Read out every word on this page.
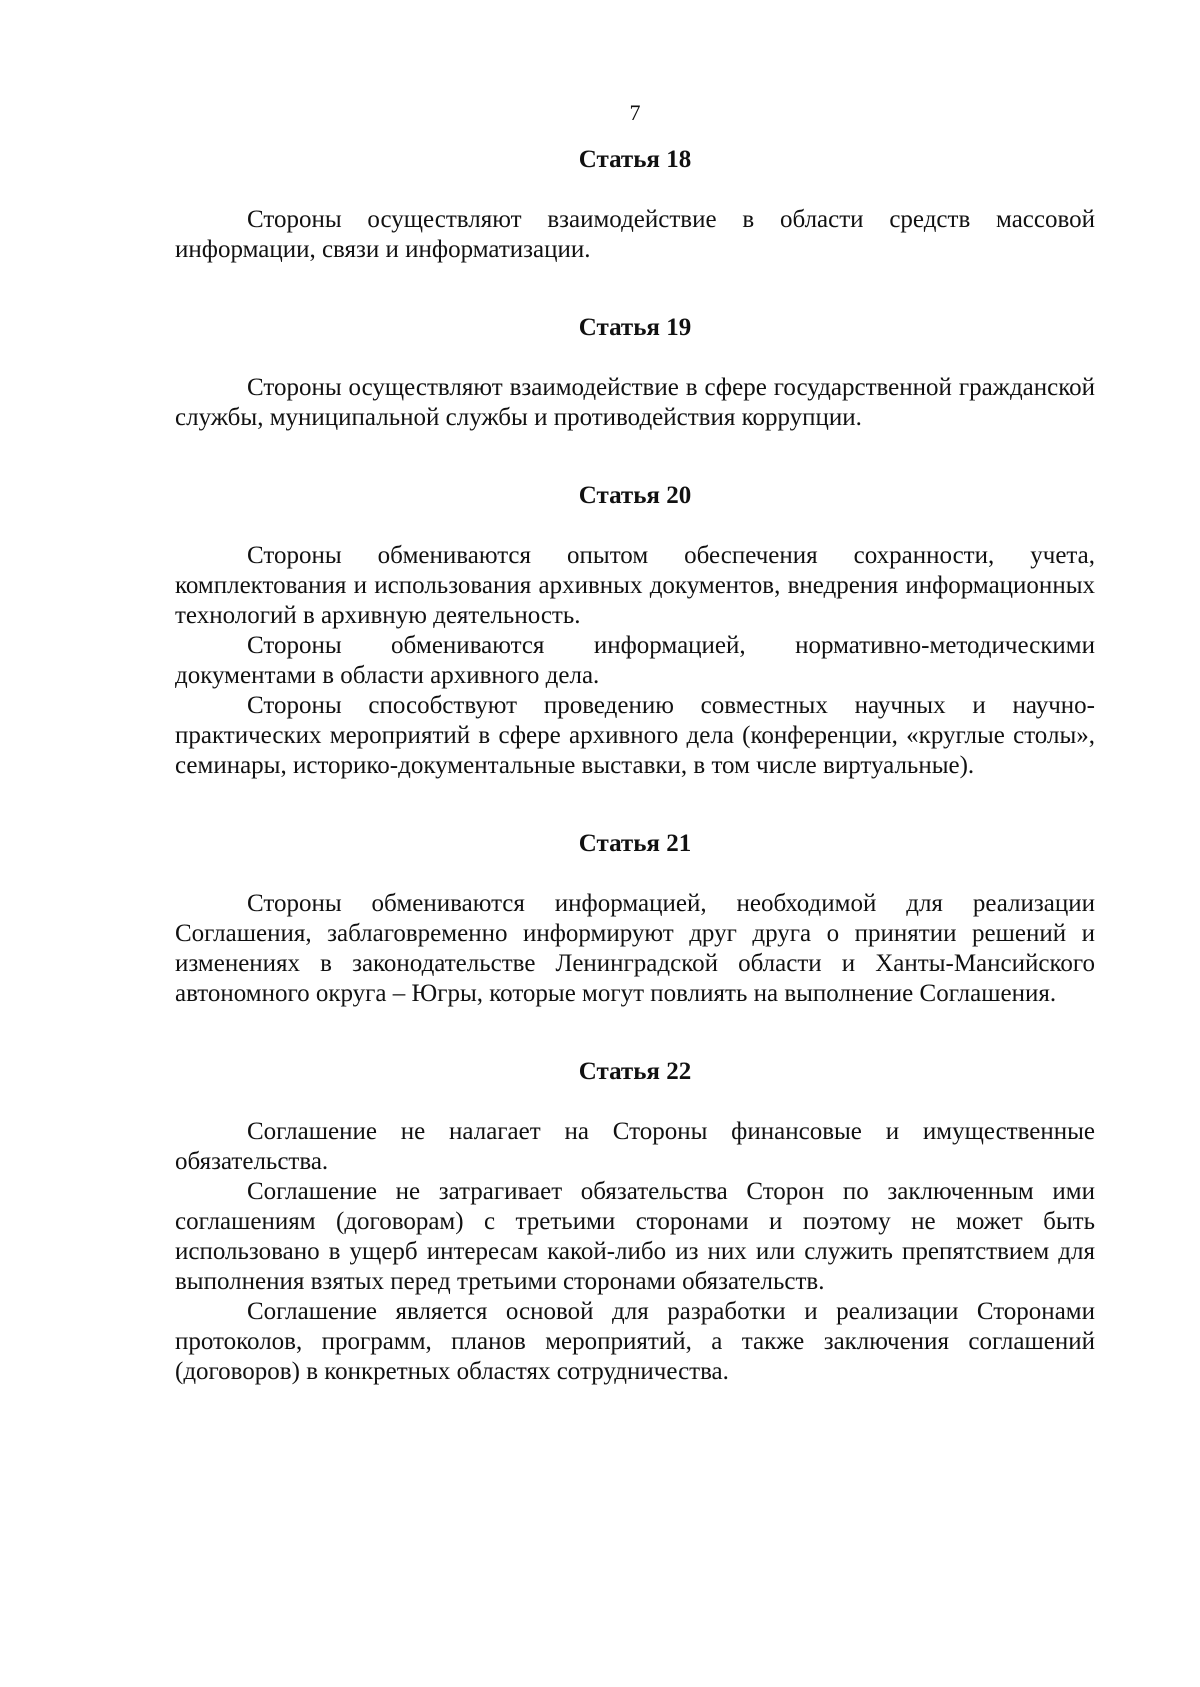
7
Статья 18

Стороны осуществляют взаимодействие в области средств массовой информации, связи и информатизации.

Статья 19

Стороны осуществляют взаимодействие в сфере государственной гражданской службы, муниципальной службы и противодействия коррупции.

Статья 20

Стороны обмениваются опытом обеспечения сохранности, учета, комплектования и использования архивных документов, внедрения информационных технологий в архивную деятельность.

Стороны обмениваются информацией, нормативно-методическими документами в области архивного дела.

Стороны способствуют проведению совместных научных и научно-практических мероприятий в сфере архивного дела (конференции, «круглые столы», семинары, историко-документальные выставки, в том числе виртуальные).

Статья 21

Стороны обмениваются информацией, необходимой для реализации Соглашения, заблаговременно информируют друг друга о принятии решений и изменениях в законодательстве Ленинградской области и Ханты-Мансийского автономного округа – Югры, которые могут повлиять на выполнение Соглашения.

Статья 22

Соглашение не налагает на Стороны финансовые и имущественные обязательства.

Соглашение не затрагивает обязательства Сторон по заключенным ими соглашениям (договорам) с третьими сторонами и поэтому не может быть использовано в ущерб интересам какой-либо из них или служить препятствием для выполнения взятых перед третьими сторонами обязательств.

Соглашение является основой для разработки и реализации Сторонами протоколов, программ, планов мероприятий, а также заключения соглашений (договоров) в конкретных областях сотрудничества.
